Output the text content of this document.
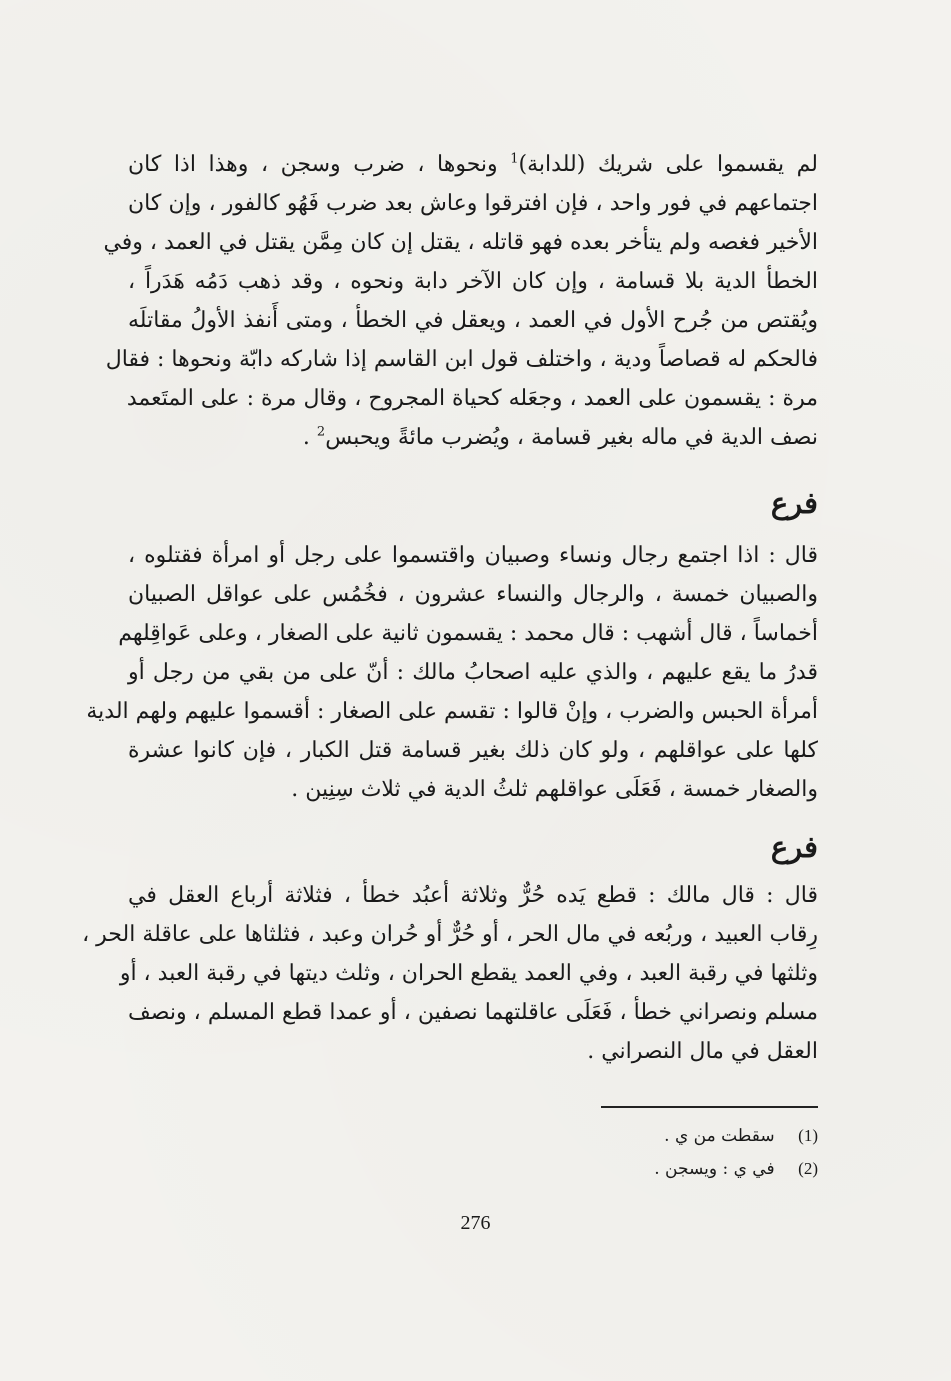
لم يقسموا على شريك (للدابة)$^1$ ونحوها ، ضرب وسجن ، وهذا اذا كان
اجتماعهم في فور واحد ، فإن افترقوا وعاش بعد ضرب فَهُو كالفور ، وإن كان
الأخير فغصه ولم يتأخر بعده فهو قاتله ، يقتل إن كان مِمَّن يقتل في العمد ، وفي
الخطأ الدية بلا قسامة ، وإن كان الآخر دابة ونحوه ، وقد ذهب دَمُه هَدَراً ،
ويُقتص من جُرح الأول في العمد ، ويعقل في الخطأ ، ومتى أَنفذ الأولُ مقاتلَه
فالحكم له قصاصاً ودية ، واختلف قول ابن القاسم إذا شاركه دابّة ونحوها : فقال
مرة : يقسمون على العمد ، وجعَله كحياة المجروح ، وقال مرة : على المتَعمد
نصف الدية في ماله بغير قسامة ، ويُضرب مائةً ويحبس$^2$ .
فرع
قال : اذا اجتمع رجال ونساء وصبيان واقتسموا على رجل أو امرأة فقتلوه ،
والصبيان خمسة ، والرجال والنساء عشرون ، فخُمُس على عواقل الصبيان
أخماساً ، قال أشهب : قال محمد : يقسمون ثانية على الصغار ، وعلى عَواقِلهم
قدرُ ما يقع عليهم ، والذي عليه اصحابُ مالك : أنّ على من بقي من رجل أو
أمرأة الحبس والضرب ، وإنْ قالوا : تقسم على الصغار : أقسموا عليهم ولهم الدية
كلها على عواقلهم ، ولو كان ذلك بغير قسامة قتل الكبار ، فإن كانوا عشرة
والصغار خمسة ، فَعَلَى عواقلهم ثلثُ الدية في ثلاث سِنِين .
فرع
قال : قال مالك : قطع يَده حُرٌّ وثلاثة أعبُد خطأ ، فثلاثة أرباع العقل في
رِقاب العبيد ، وربُعه في مال الحر ، أو حُرٌّ أو حُران وعبد ، فثلثاها على عاقلة الحر ،
وثلثها في رقبة العبد ، وفي العمد يقطع الحران ، وثلث ديتها في رقبة العبد ، أو
مسلم ونصراني خطأ ، فَعَلَى عاقلتهما نصفين ، أو عمدا قطع المسلم ، ونصف
العقل في مال النصراني .
(1) سقطت من ي .
(2) في ي : ويسجن .
276
